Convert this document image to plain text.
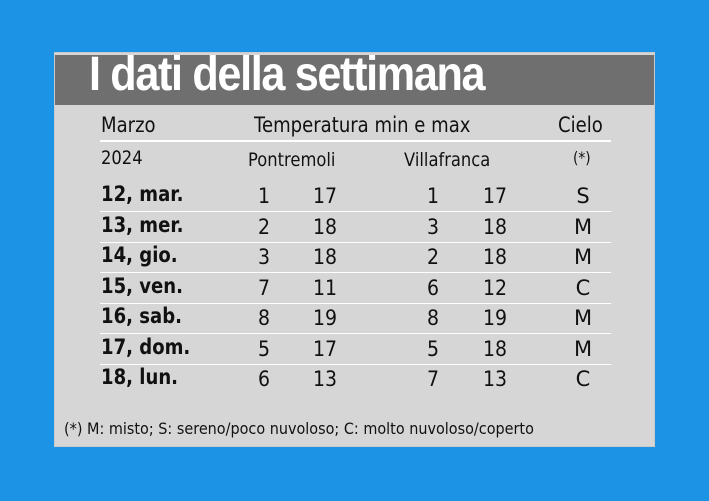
I dati della settimana
Marzo	Temperatura min e max	Cielo
2024	Pontremoli	Villafranca	(*)
12, mar.	1 17	1 17	S
13, mer.	2 18	3 18	M
14, gio.	3 18	2 18	M
15, ven.	7 11	6 12	C
16, sab.	8 19	8 19	M
17, dom.	5 17	5 18	M
18, lun.	6 13	7 13	C
(*) M: misto; S: sereno/poco nuvoloso; C: molto nuvoloso/coperto
